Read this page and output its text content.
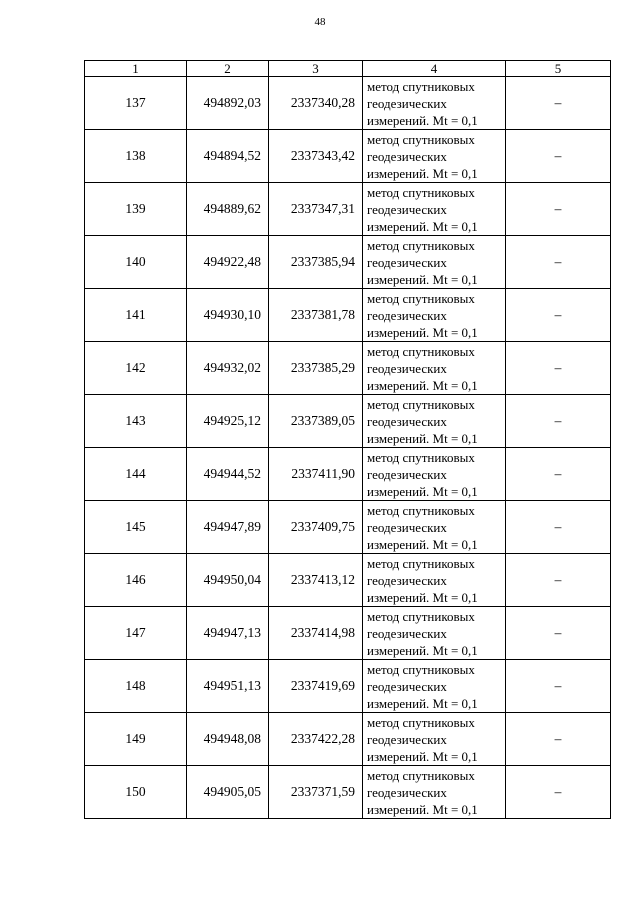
48
1	2	3	4	5
137	494892,03	2337340,28	метод спутниковых
геодезических
измерений. Mt = 0,1	–
138	494894,52	2337343,42	метод спутниковых
геодезических
измерений. Mt = 0,1	–
139	494889,62	2337347,31	метод спутниковых
геодезических
измерений. Mt = 0,1	–
140	494922,48	2337385,94	метод спутниковых
геодезических
измерений. Mt = 0,1	–
141	494930,10	2337381,78	метод спутниковых
геодезических
измерений. Mt = 0,1	–
142	494932,02	2337385,29	метод спутниковых
геодезических
измерений. Mt = 0,1	–
143	494925,12	2337389,05	метод спутниковых
геодезических
измерений. Mt = 0,1	–
144	494944,52	2337411,90	метод спутниковых
геодезических
измерений. Mt = 0,1	–
145	494947,89	2337409,75	метод спутниковых
геодезических
измерений. Mt = 0,1	–
146	494950,04	2337413,12	метод спутниковых
геодезических
измерений. Mt = 0,1	–
147	494947,13	2337414,98	метод спутниковых
геодезических
измерений. Mt = 0,1	–
148	494951,13	2337419,69	метод спутниковых
геодезических
измерений. Mt = 0,1	–
149	494948,08	2337422,28	метод спутниковых
геодезических
измерений. Mt = 0,1	–
150	494905,05	2337371,59	метод спутниковых
геодезических
измерений. Mt = 0,1	–
